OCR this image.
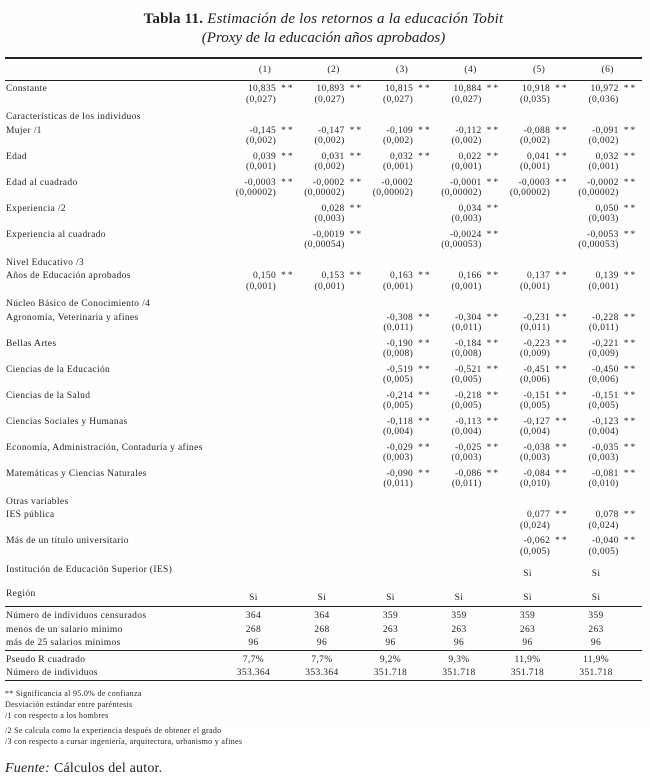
Tabla 11. Estimación de los retornos a la educación Tobit
(Proxy de la educación años aprobados)
	(1)		(2)		(3)		(4)		(5)		(6)	
Constante	10,835	**	10,893	**	10,815	**	10,884	**	10,918	**	10,972	**
	(0,027)		(0,027)		(0,027)		(0,027)		(0,035)		(0,036)	
Características de los individuos												
Mujer /1	-0,145	**	-0,147	**	-0,109	**	-0,112	**	-0,088	**	-0,091	**
	(0,002)		(0,002)		(0,002)		(0,002)		(0,002)		(0,002)	
Edad	0,039	**	0,031	**	0,032	**	0,022	**	0,041	**	0,032	**
	(0,001)		(0,002)		(0,001)		(0,001)		(0,001)		(0,001)	
Edad al cuadrado	-0,0003	**	-0,0002	**	-0,0002		-0,0001	**	-0,0003	**	-0,0002	**
	(0,00002)		(0,00002)		(0,00002)		(0,00002)		(0,00002)		(0,00002)	
Experiencia /2			0,028	**			0,034	**			0,050	**
			(0,003)				(0,003)				(0,003)	
Experiencia al cuadrado			-0,0019	**			-0,0024	**			-0,0053	**
			(0,00054)				(0,00053)				(0,00053)	
Nivel Educativo /3												
Años de Educación aprobados	0,150	**	0,153	**	0,163	**	0,166	**	0,137	**	0,139	**
	(0,001)		(0,001)		(0,001)		(0,001)		(0,001)		(0,001)	
Núcleo Básico de Conocimiento /4												
Agronomía, Veterinaria y afines					-0,308	**	-0,304	**	-0,231	**	-0,228	**
					(0,011)		(0,011)		(0,011)		(0,011)	
Bellas Artes					-0,190	**	-0,184	**	-0,223	**	-0,221	**
					(0,008)		(0,008)		(0,009)		(0,009)	
Ciencias de la Educación					-0,519	**	-0,521	**	-0,451	**	-0,450	**
					(0,005)		(0,005)		(0,006)		(0,006)	
Ciencias de la Salud					-0,214	**	-0,218	**	-0,151	**	-0,151	**
					(0,005)		(0,005)		(0,005)		(0,005)	
Ciencias Sociales y Humanas					-0,118	**	-0,113	**	-0,127	**	-0,123	**
					(0,004)		(0,004)		(0,004)		(0,004)	
Economía, Administración, Contaduría y afines					-0,029	**	-0,025	**	-0,038	**	-0,035	**
					(0,003)		(0,003)		(0,003)		(0,003)	
Matemáticas y Ciencias Naturales					-0,090	**	-0,086	**	-0,084	**	-0,081	**
					(0,011)		(0,011)		(0,010)		(0,010)	
Otras variables												
IES pública									0,077	**	0,078	**
									(0,024)		(0,024)	
Más de un título universitario									-0,062	**	-0,040	**
									(0,005)		(0,005)	
Institución de Educación Superior (IES)									Si		Si	
Región	Si		Si		Si		Si		Si		Si	
Número de individuos censurados	364		364		359		359		359		359	
menos de un salario mínimo	268		268		263		263		263		263	
más de 25 salarios mínimos	96		96		96		96		96		96	
Pseudo R cuadrado	7,7%		7,7%		9,2%		9,3%		11,9%		11,9%	
Número de individuos	353.364		353.364		351.718		351.718		351.718		351.718	
** Significancia al 95.0% de confianza
Desviación estándar entre paréntesis
/1 con respecto a los hombres
/2 Se calcula como la experiencia después de obtener el grado
/3 con respecto a cursar ingeniería, arquitectura, urbanismo y afines
Fuente: Cálculos del autor.
